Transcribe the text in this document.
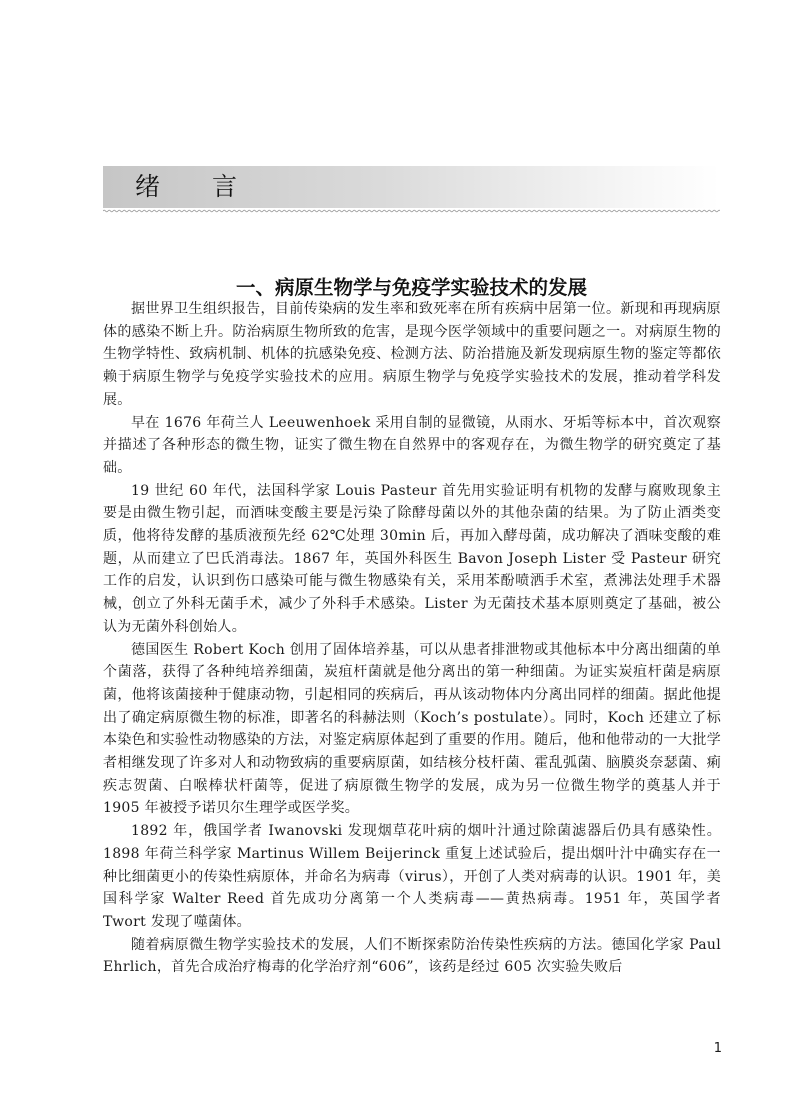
绪言
一、病原生物学与免疫学实验技术的发展

据世界卫生组织报告，目前传染病的发生率和致死率在所有疾病中居第一位。新现和再现病原体的感染不断上升。防治病原生物所致的危害，是现今医学领域中的重要问题之一。对病原生物的生物学特性、致病机制、机体的抗感染免疫、检测方法、防治措施及新发现病原生物的鉴定等都依赖于病原生物学与免疫学实验技术的应用。病原生物学与免疫学实验技术的发展，推动着学科发展。

早在 1676 年荷兰人 Leeuwenhoek 采用自制的显微镜，从雨水、牙垢等标本中，首次观察并描述了各种形态的微生物，证实了微生物在自然界中的客观存在，为微生物学的研究奠定了基础。

19 世纪 60 年代，法国科学家 Louis Pasteur 首先用实验证明有机物的发酵与腐败现象主要是由微生物引起，而酒味变酸主要是污染了除酵母菌以外的其他杂菌的结果。为了防止酒类变质，他将待发酵的基质液预先经 62℃处理 30min 后，再加入酵母菌，成功解决了酒味变酸的难题，从而建立了巴氏消毒法。1867 年，英国外科医生 Bavon Joseph Lister 受 Pasteur 研究工作的启发，认识到伤口感染可能与微生物感染有关，采用苯酚喷洒手术室，煮沸法处理手术器械，创立了外科无菌手术，减少了外科手术感染。Lister 为无菌技术基本原则奠定了基础，被公认为无菌外科创始人。

德国医生 Robert Koch 创用了固体培养基，可以从患者排泄物或其他标本中分离出细菌的单个菌落，获得了各种纯培养细菌，炭疽杆菌就是他分离出的第一种细菌。为证实炭疽杆菌是病原菌，他将该菌接种于健康动物，引起相同的疾病后，再从该动物体内分离出同样的细菌。据此他提出了确定病原微生物的标准，即著名的科赫法则（Koch’s postulate）。同时，Koch 还建立了标本染色和实验性动物感染的方法，对鉴定病原体起到了重要的作用。随后，他和他带动的一大批学者相继发现了许多对人和动物致病的重要病原菌，如结核分枝杆菌、霍乱弧菌、脑膜炎奈瑟菌、痢疾志贺菌、白喉棒状杆菌等，促进了病原微生物学的发展，成为另一位微生物学的奠基人并于 1905 年被授予诺贝尔生理学或医学奖。

1892 年，俄国学者 Iwanovski 发现烟草花叶病的烟叶汁通过除菌滤器后仍具有感染性。1898 年荷兰科学家 Martinus Willem Beijerinck 重复上述试验后，提出烟叶汁中确实存在一种比细菌更小的传染性病原体，并命名为病毒（virus），开创了人类对病毒的认识。1901 年，美国科学家 Walter Reed 首先成功分离第一个人类病毒——黄热病毒。1951 年，英国学者 Twort 发现了噬菌体。

随着病原微生物学实验技术的发展，人们不断探索防治传染性疾病的方法。德国化学家 Paul Ehrlich，首先合成治疗梅毒的化学治疗剂“606”，该药是经过 605 次实验失败后

1
